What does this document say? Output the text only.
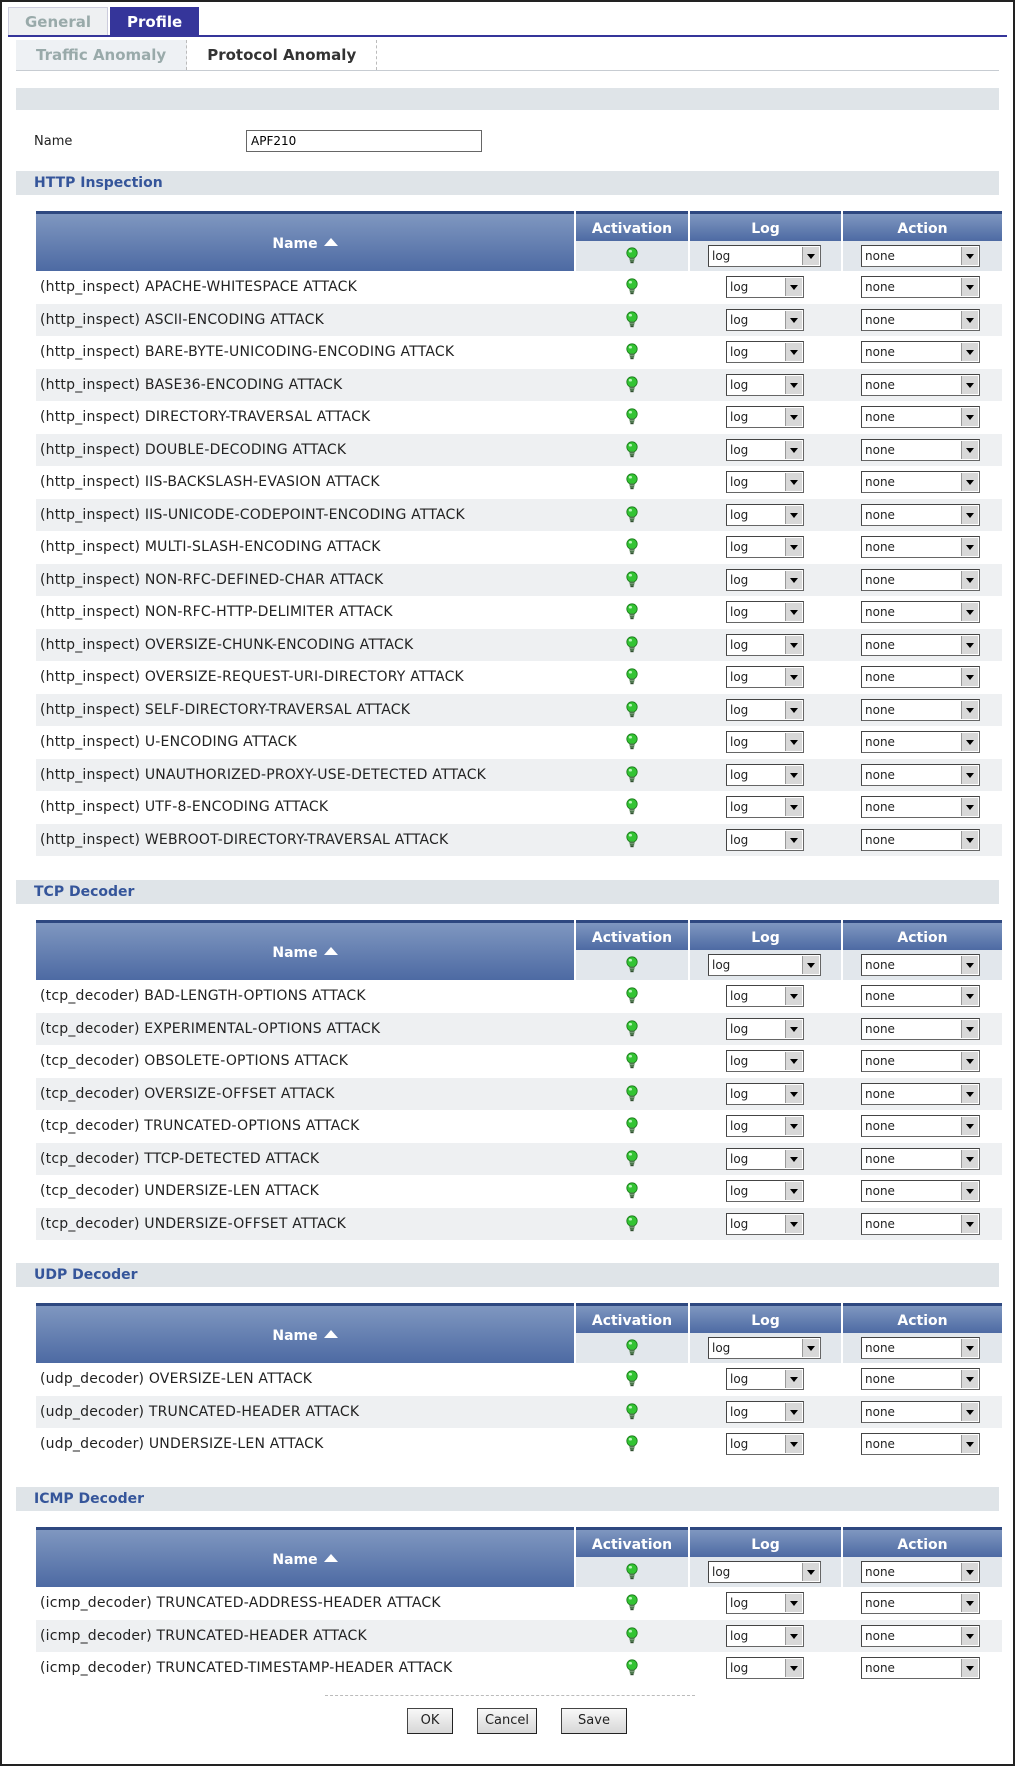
General	Profile
Traffic Anomaly	Protocol Anomaly
Name
APF210
HTTP Inspection
Name
Activation	Log	Action
log	none
(http_inspect) APACHE-WHITESPACE ATTACK	log	none
(http_inspect) ASCII-ENCODING ATTACK	log	none
(http_inspect) BARE-BYTE-UNICODING-ENCODING ATTACK	log	none
(http_inspect) BASE36-ENCODING ATTACK	log	none
(http_inspect) DIRECTORY-TRAVERSAL ATTACK	log	none
(http_inspect) DOUBLE-DECODING ATTACK	log	none
(http_inspect) IIS-BACKSLASH-EVASION ATTACK	log	none
(http_inspect) IIS-UNICODE-CODEPOINT-ENCODING ATTACK	log	none
(http_inspect) MULTI-SLASH-ENCODING ATTACK	log	none
(http_inspect) NON-RFC-DEFINED-CHAR ATTACK	log	none
(http_inspect) NON-RFC-HTTP-DELIMITER ATTACK	log	none
(http_inspect) OVERSIZE-CHUNK-ENCODING ATTACK	log	none
(http_inspect) OVERSIZE-REQUEST-URI-DIRECTORY ATTACK	log	none
(http_inspect) SELF-DIRECTORY-TRAVERSAL ATTACK	log	none
(http_inspect) U-ENCODING ATTACK	log	none
(http_inspect) UNAUTHORIZED-PROXY-USE-DETECTED ATTACK	log	none
(http_inspect) UTF-8-ENCODING ATTACK	log	none
(http_inspect) WEBROOT-DIRECTORY-TRAVERSAL ATTACK	log	none
TCP Decoder
Name
Activation	Log	Action
log	none
(tcp_decoder) BAD-LENGTH-OPTIONS ATTACK	log	none
(tcp_decoder) EXPERIMENTAL-OPTIONS ATTACK	log	none
(tcp_decoder) OBSOLETE-OPTIONS ATTACK	log	none
(tcp_decoder) OVERSIZE-OFFSET ATTACK	log	none
(tcp_decoder) TRUNCATED-OPTIONS ATTACK	log	none
(tcp_decoder) TTCP-DETECTED ATTACK	log	none
(tcp_decoder) UNDERSIZE-LEN ATTACK	log	none
(tcp_decoder) UNDERSIZE-OFFSET ATTACK	log	none
UDP Decoder
Name
Activation	Log	Action
log	none
(udp_decoder) OVERSIZE-LEN ATTACK	log	none
(udp_decoder) TRUNCATED-HEADER ATTACK	log	none
(udp_decoder) UNDERSIZE-LEN ATTACK	log	none
ICMP Decoder
Name
Activation	Log	Action
log	none
(icmp_decoder) TRUNCATED-ADDRESS-HEADER ATTACK	log	none
(icmp_decoder) TRUNCATED-HEADER ATTACK	log	none
(icmp_decoder) TRUNCATED-TIMESTAMP-HEADER ATTACK	log	none
OK	Cancel	Save
